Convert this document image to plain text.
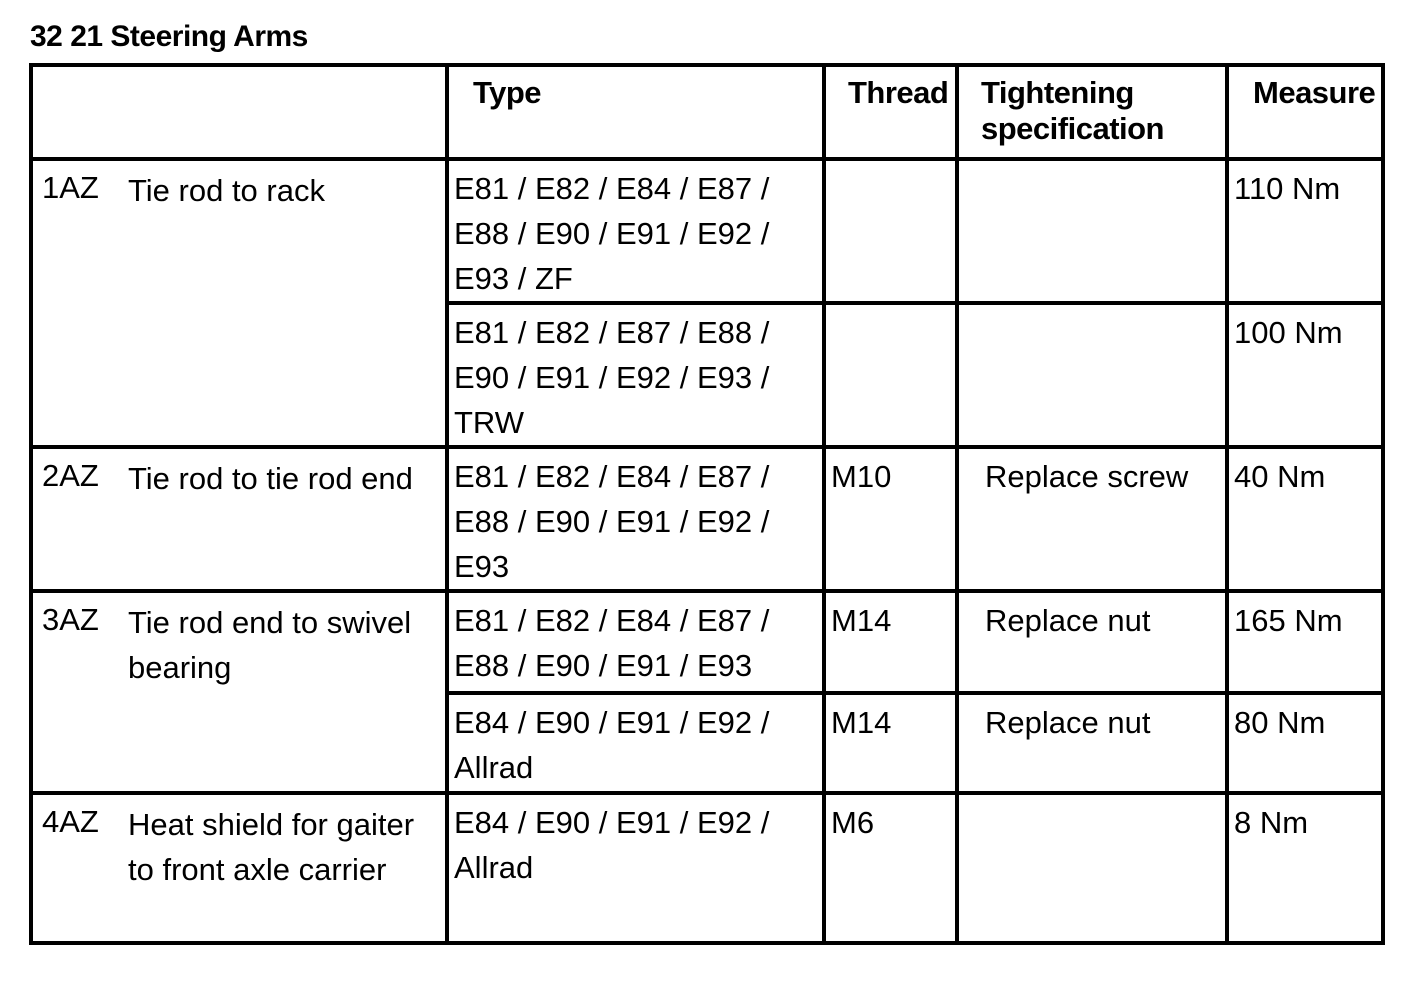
32 21 Steering Arms
	Type	Thread	Tightening specification	Measure

1AZ Tie rod to rack	E81 / E82 / E84 / E87 / E88 / E90 / E91 / E92 / E93 / ZF			110 Nm
	E81 / E82 / E87 / E88 / E90 / E91 / E92 / E93 / TRW			100 Nm

2AZ Tie rod to tie rod end	E81 / E82 / E84 / E87 / E88 / E90 / E91 / E92 / E93	M10	Replace screw	40 Nm

3AZ Tie rod end to swivel bearing	E81 / E82 / E84 / E87 / E88 / E90 / E91 / E93	M14	Replace nut	165 Nm
	E84 / E90 / E91 / E92 / Allrad	M14	Replace nut	80 Nm

4AZ Heat shield for gaiter to front axle carrier	E84 / E90 / E91 / E92 / Allrad	M6		8 Nm
